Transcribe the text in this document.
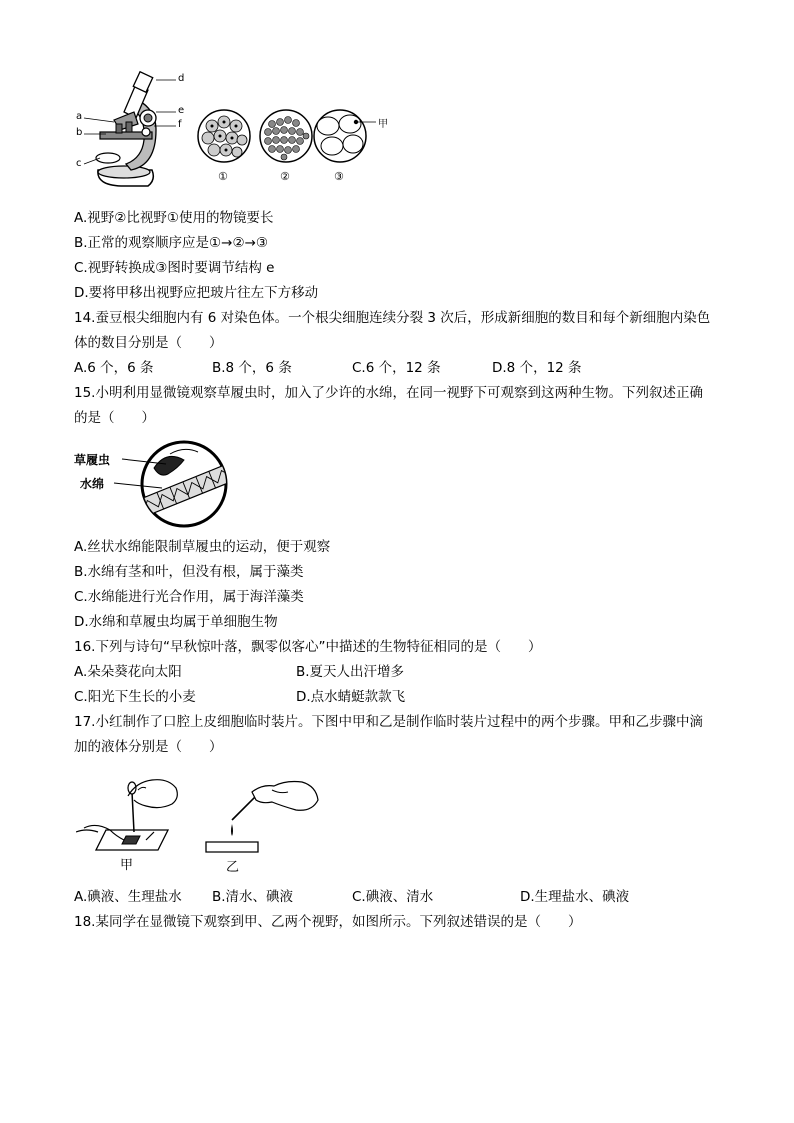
d
e
f
a
b
c
甲
①	②	③
A.视野②比视野①使用的物镜要长
B.正常的观察顺序应是①→②→③
C.视野转换成③图时要调节结构 e
D.要将甲移出视野应把玻片往左下方移动
14.蚕豆根尖细胞内有 6 对染色体。一个根尖细胞连续分裂 3 次后，形成新细胞的数目和每个新细胞内染色
体的数目分别是（　　）
A.6 个，6 条	B.8 个，6 条	C.6 个，12 条	D.8 个，12 条
15.小明利用显微镜观察草履虫时，加入了少许的水绵，在同一视野下可观察到这两种生物。下列叙述正确
的是（　　）
草履虫
水绵
A.丝状水绵能限制草履虫的运动，便于观察
B.水绵有茎和叶，但没有根，属于藻类
C.水绵能进行光合作用，属于海洋藻类
D.水绵和草履虫均属于单细胞生物
16.下列与诗句“早秋惊叶落，飘零似客心”中描述的生物特征相同的是（　　）
A.朵朵葵花向太阳	B.夏天人出汗增多
C.阳光下生长的小麦	D.点水蜻蜓款款飞
17.小红制作了口腔上皮细胞临时装片。下图中甲和乙是制作临时装片过程中的两个步骤。甲和乙步骤中滴
加的液体分别是（　　）
甲	乙
A.碘液、生理盐水 B.清水、碘液	C.碘液、清水	D.生理盐水、碘液
18.某同学在显微镜下观察到甲、乙两个视野，如图所示。下列叙述错误的是（　　）
